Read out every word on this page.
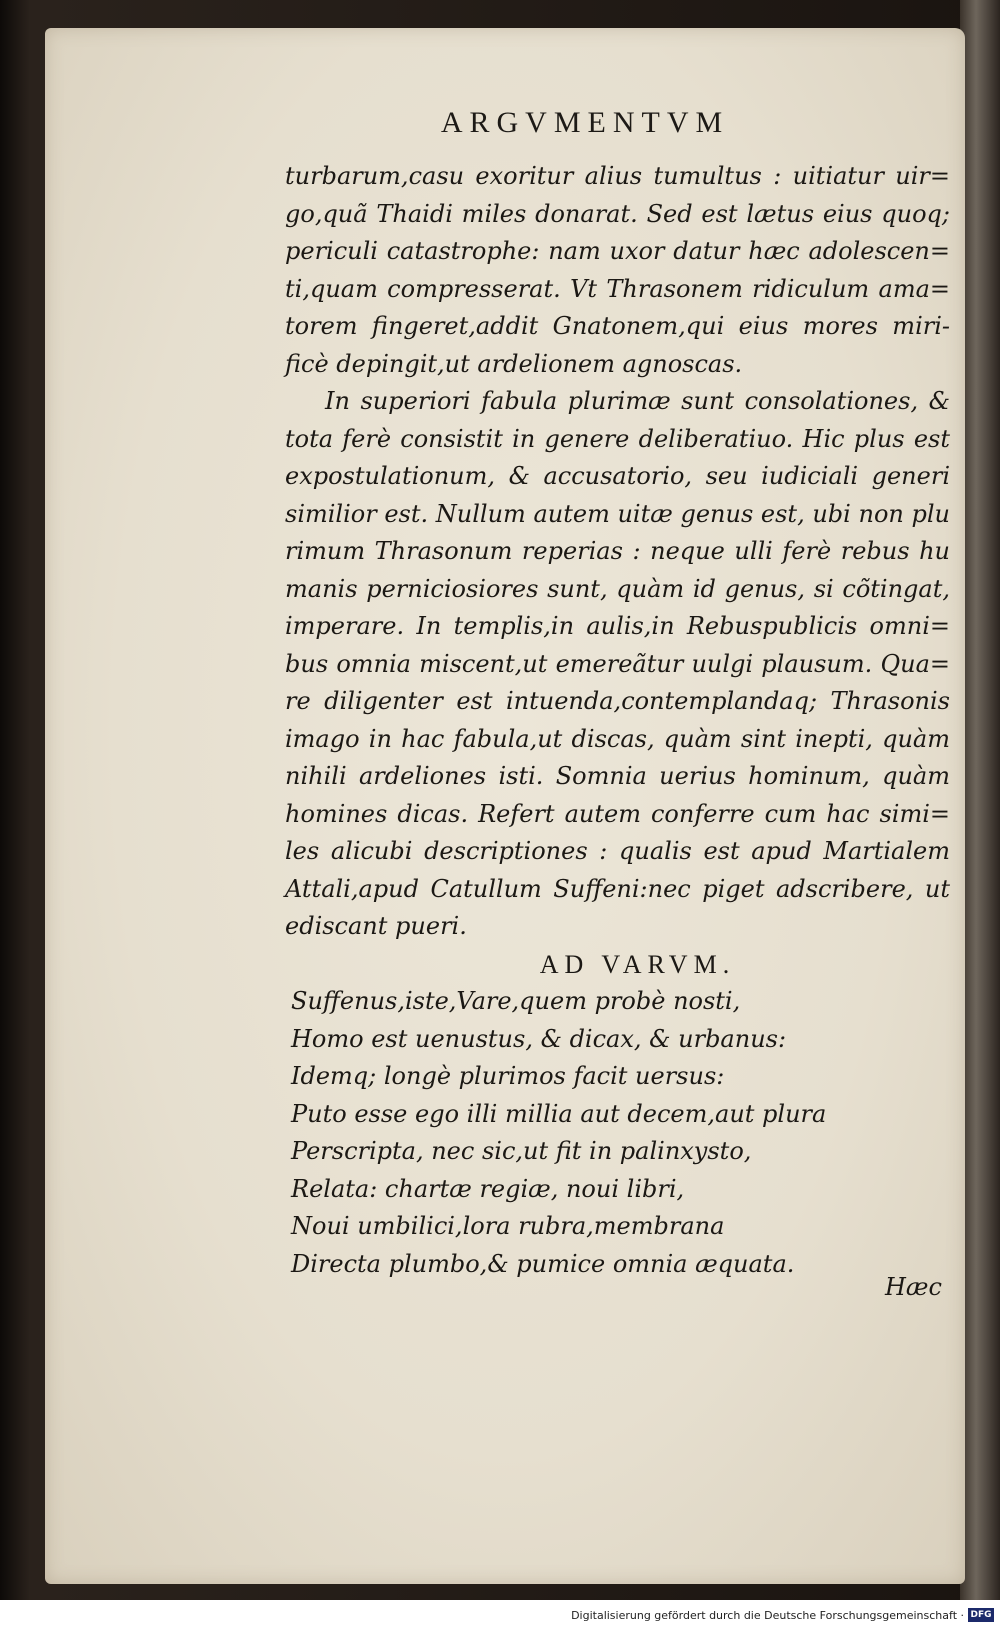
ARGVMENTVM

turbarum,casu exoritur alius tumultus : uitiatur uir= go,quã Thaidi miles donarat. Sed est lætus eius quoq; periculi catastrophe: nam uxor datur hæc adolescen= ti,quam compresserat. Vt Thrasonem ridiculum ama= torem fingeret,addit Gnatonem,qui eius mores miri- ficè depingit,ut ardelionem agnoscas.

In superiori fabula plurimæ sunt consolationes, & tota ferè consistit in genere deliberatiuo. Hic plus est expostulationum, & accusatorio, seu iudiciali generi similior est. Nullum autem uitæ genus est, ubi non plu rimum Thrasonum reperias : neque ulli ferè rebus hu manis perniciosiores sunt, quàm id genus, si cõtingat, imperare. In templis,in aulis,in Rebuspublicis omni= bus omnia miscent,ut emereãtur uulgi plausum. Qua= re diligenter est intuenda,contemplandaq; Thrasonis imago in hac fabula,ut discas, quàm sint inepti, quàm nihili ardeliones isti. Somnia uerius hominum, quàm homines dicas. Refert autem conferre cum hac simi= les alicubi descriptiones : qualis est apud Martialem Attali,apud Catullum Suffeni:nec piget adscribere, ut ediscant pueri.

AD VARVM.

Suffenus,iste,Vare,quem probè nosti,
Homo est uenustus, & dicax, & urbanus:
Idemq; longè plurimos facit uersus:
Puto esse ego illi millia aut decem,aut plura
Perscripta, nec sic,ut fit in palinxysto,
Relata: chartæ regiæ, noui libri,
Noui umbilici,lora rubra,membrana
Directa plumbo,& pumice omnia æquata.
Hæc
Digitalisierung gefördert durch die Deutsche Forschungsgemeinschaft · DFG
